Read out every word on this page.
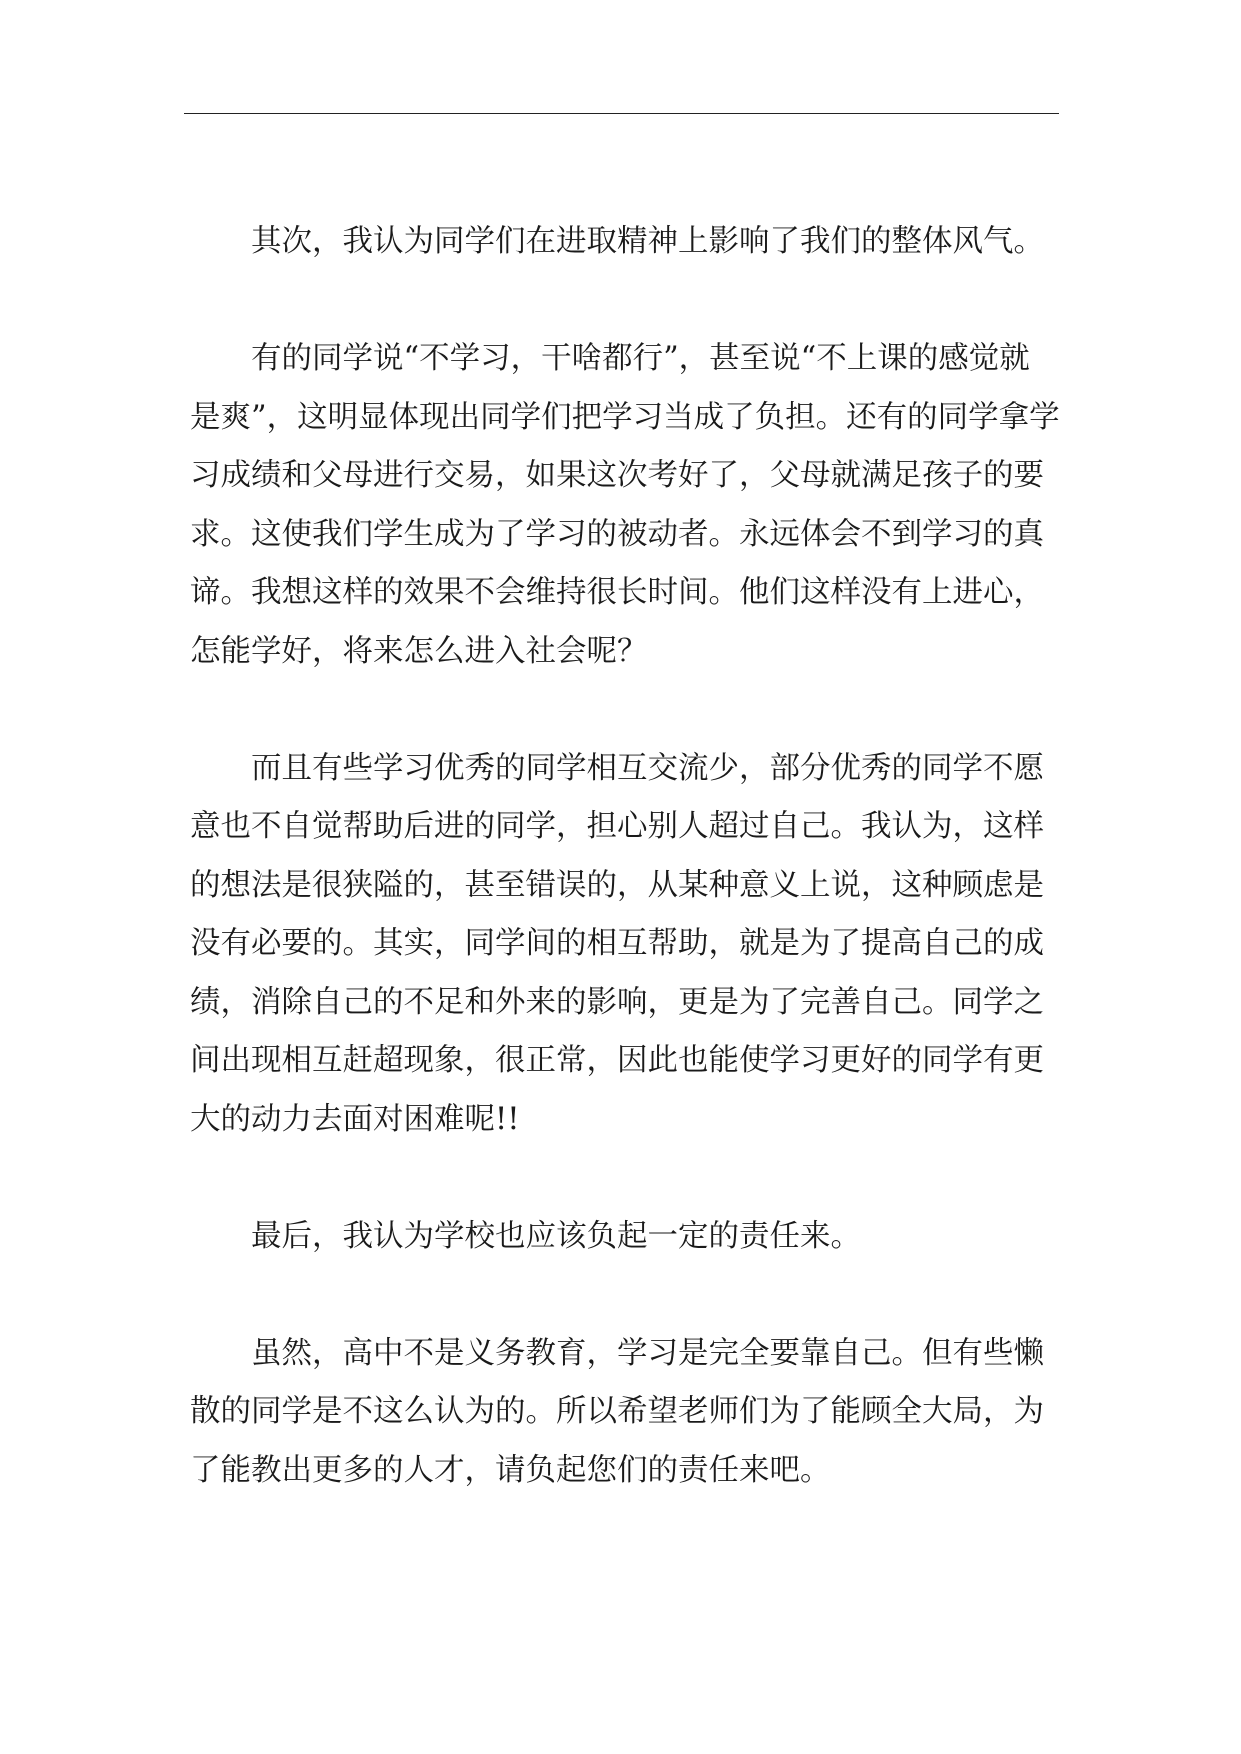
其次，我认为同学们在进取精神上影响了我们的整体风气。

有的同学说“不学习，干啥都行”，甚至说“不上课的感觉就是爽”，这明显体现出同学们把学习当成了负担。还有的同学拿学习成绩和父母进行交易，如果这次考好了，父母就满足孩子的要求。这使我们学生成为了学习的被动者。永远体会不到学习的真谛。我想这样的效果不会维持很长时间。他们这样没有上进心，怎能学好，将来怎么进入社会呢？

而且有些学习优秀的同学相互交流少，部分优秀的同学不愿意也不自觉帮助后进的同学，担心别人超过自己。我认为，这样的想法是很狭隘的，甚至错误的，从某种意义上说，这种顾虑是没有必要的。其实，同学间的相互帮助，就是为了提高自己的成绩，消除自己的不足和外来的影响，更是为了完善自己。同学之间出现相互赶超现象，很正常，因此也能使学习更好的同学有更大的动力去面对困难呢!!

最后，我认为学校也应该负起一定的责任来。

虽然，高中不是义务教育，学习是完全要靠自己。但有些懒散的同学是不这么认为的。所以希望老师们为了能顾全大局，为了能教出更多的人才，请负起您们的责任来吧。
